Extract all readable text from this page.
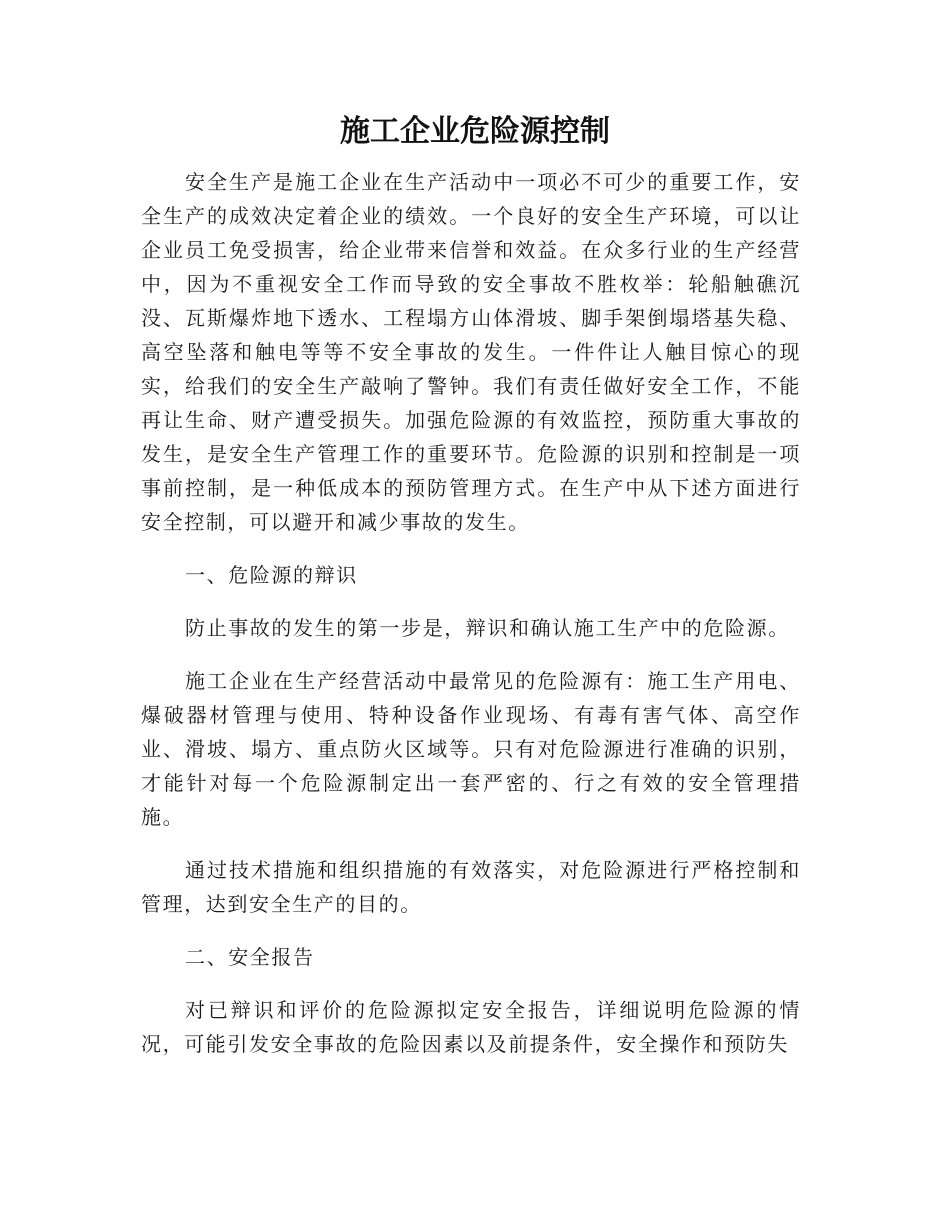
施工企业危险源控制

安全生产是施工企业在生产活动中一项必不可少的重要工作，安全生产的成效决定着企业的绩效。一个良好的安全生产环境，可以让企业员工免受损害，给企业带来信誉和效益。在众多行业的生产经营中，因为不重视安全工作而导致的安全事故不胜枚举：轮船触礁沉没、瓦斯爆炸地下透水、工程塌方山体滑坡、脚手架倒塌塔基失稳、高空坠落和触电等等不安全事故的发生。一件件让人触目惊心的现实，给我们的安全生产敲响了警钟。我们有责任做好安全工作，不能再让生命、财产遭受损失。加强危险源的有效监控，预防重大事故的发生，是安全生产管理工作的重要环节。危险源的识别和控制是一项事前控制，是一种低成本的预防管理方式。在生产中从下述方面进行安全控制，可以避开和减少事故的发生。

一、危险源的辩识

防止事故的发生的第一步是，辩识和确认施工生产中的危险源。

施工企业在生产经营活动中最常见的危险源有：施工生产用电、爆破器材管理与使用、特种设备作业现场、有毒有害气体、高空作业、滑坡、塌方、重点防火区域等。只有对危险源进行准确的识别，才能针对每一个危险源制定出一套严密的、行之有效的安全管理措施。

通过技术措施和组织措施的有效落实，对危险源进行严格控制和管理，达到安全生产的目的。

二、安全报告

对已辩识和评价的危险源拟定安全报告，详细说明危险源的情况，可能引发安全事故的危险因素以及前提条件，安全操作和预防失
